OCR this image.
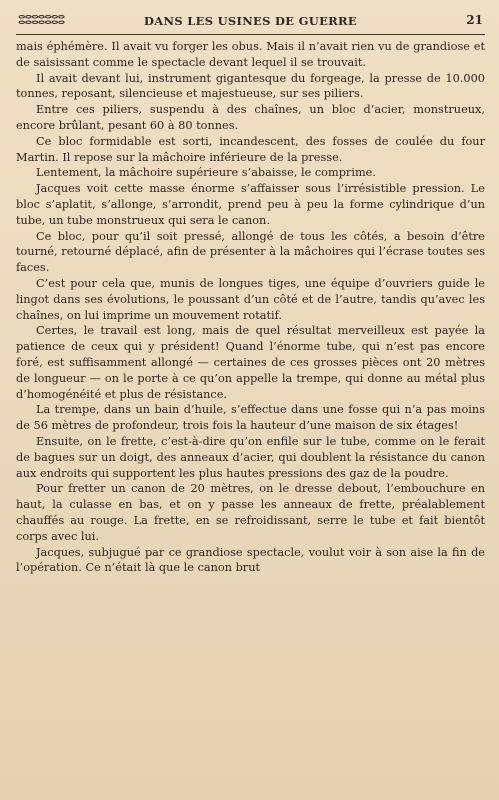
ⵓⵓⵓⵓⵓⵓⵓ	DANS LES USINES DE GUERRE	21

mais éphémère. Il avait vu forger les obus. Mais il n’avait rien vu de grandiose et de saisissant comme le spectacle devant lequel il se trouvait.

Il avait devant lui, instrument gigantesque du forgeage, la presse de 10.000 tonnes, reposant, silencieuse et majestueuse, sur ses piliers.

Entre ces piliers, suspendu à des chaînes, un bloc d’acier, monstrueux, encore brûlant, pesant 60 à 80 tonnes.

Ce bloc formidable est sorti, incandescent, des fosses de coulée du four Martin. Il repose sur la mâchoire inférieure de la presse.

Lentement, la mâchoire supérieure s’abaisse, le comprime.

Jacques voit cette masse énorme s’affaisser sous l’irrésistible pression. Le bloc s’aplatit, s’allonge, s’arrondit, prend peu à peu la forme cylindrique d’un tube, un tube monstrueux qui sera le canon.

Ce bloc, pour qu’il soit pressé, allongé de tous les côtés, a besoin d’être tourné, retourné déplacé, afin de présenter à la mâchoires qui l’écrase toutes ses faces.

C’est pour cela que, munis de longues tiges, une équipe d’ouvriers guide le lingot dans ses évolutions, le poussant d’un côté et de l’autre, tandis qu’avec les chaînes, on lui imprime un mouvement rotatif.

Certes, le travail est long, mais de quel résultat merveilleux est payée la patience de ceux qui y président! Quand l’énorme tube, qui n’est pas encore foré, est suffisamment allongé — certaines de ces grosses pièces ont 20 mètres de longueur — on le porte à ce qu’on appelle la trempe, qui donne au métal plus d’homogénéité et plus de résistance.

La trempe, dans un bain d’huile, s’effectue dans une fosse qui n’a pas moins de 56 mètres de profondeur, trois fois la hauteur d’une maison de six étages!

Ensuite, on le frette, c’est-à-dire qu’on enfile sur le tube, comme on le ferait de bagues sur un doigt, des anneaux d’acier, qui doublent la résistance du canon aux endroits qui supportent les plus hautes pressions des gaz de la poudre.

Pour fretter un canon de 20 mètres, on le dresse debout, l’embouchure en haut, la culasse en bas, et on y passe les anneaux de frette, préalablement chauffés au rouge. La frette, en se refroidissant, serre le tube et fait bientôt corps avec lui.

Jacques, subjugué par ce grandiose spectacle, voulut voir à son aise la fin de l’opération. Ce n’était là que le canon brut
